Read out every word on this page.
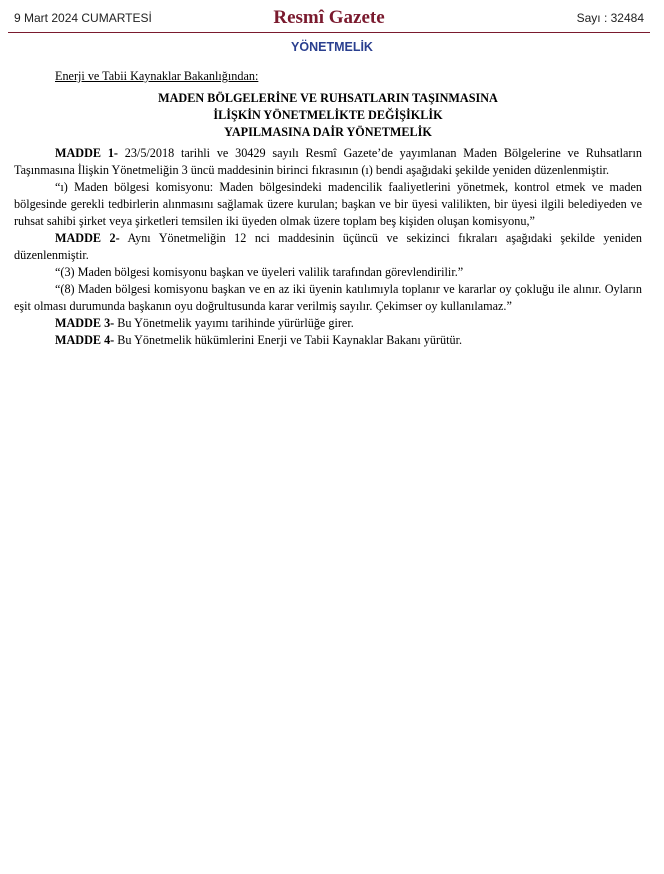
9 Mart 2024 CUMARTESİ	Resmî Gazete	Sayı : 32484
YÖNETMELİK

Enerji ve Tabii Kaynaklar Bakanlığından:

MADEN BÖLGELERİNE VE RUHSATLARIN TAŞINMASINA
İLİŞKİN YÖNETMELİKTE DEĞİŞİKLİK
YAPILMASINA DAİR YÖNETMELİK

MADDE 1- 23/5/2018 tarihli ve 30429 sayılı Resmî Gazete’de yayımlanan Maden Bölgelerine ve Ruhsatların Taşınmasına İlişkin Yönetmeliğin 3 üncü maddesinin birinci fıkrasının (ı) bendi aşağıdaki şekilde yeniden düzenlenmiştir.

“ı) Maden bölgesi komisyonu: Maden bölgesindeki madencilik faaliyetlerini yönetmek, kontrol etmek ve maden bölgesinde gerekli tedbirlerin alınmasını sağlamak üzere kurulan; başkan ve bir üyesi valilikten, bir üyesi ilgili belediyeden ve ruhsat sahibi şirket veya şirketleri temsilen iki üyeden olmak üzere toplam beş kişiden oluşan komisyonu,”

MADDE 2- Aynı Yönetmeliğin 12 nci maddesinin üçüncü ve sekizinci fıkraları aşağıdaki şekilde yeniden düzenlenmiştir.

“(3) Maden bölgesi komisyonu başkan ve üyeleri valilik tarafından görevlendirilir.”

“(8) Maden bölgesi komisyonu başkan ve en az iki üyenin katılımıyla toplanır ve kararlar oy çokluğu ile alınır. Oyların eşit olması durumunda başkanın oyu doğrultusunda karar verilmiş sayılır. Çekimser oy kullanılamaz.”

MADDE 3- Bu Yönetmelik yayımı tarihinde yürürlüğe girer.

MADDE 4- Bu Yönetmelik hükümlerini Enerji ve Tabii Kaynaklar Bakanı yürütür.
